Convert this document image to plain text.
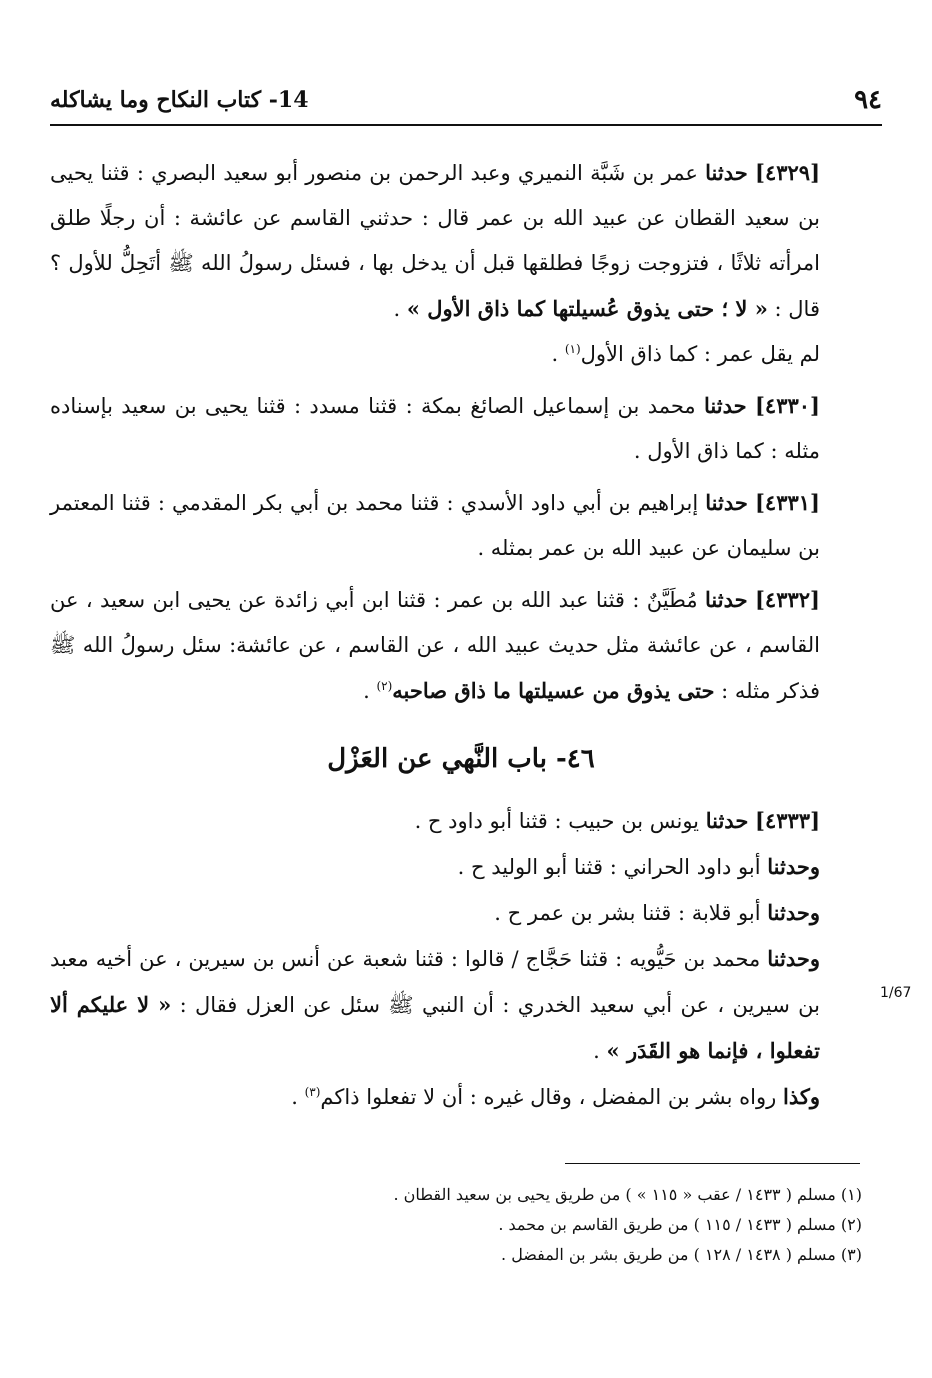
٩٤
14- كتاب النكاح وما يشاكله

[٤٣٢٩] حدثنا عمر بن شَبَّة النميري وعبد الرحمن بن منصور أبو سعيد البصري : قثنا يحيى بن سعيد القطان عن عبيد الله بن عمر قال : حدثني القاسم عن عائشة : أن رجلًا طلق امرأته ثلاثًا ، فتزوجت زوجًا فطلقها قبل أن يدخل بها ، فسئل رسولُ الله ﷺ أتَحِلُّ للأول ؟ قال : « لا ؛ حتى يذوق عُسيلتها كما ذاق الأول » .

لم يقل عمر : كما ذاق الأول$^{(١)}$ .

[٤٣٣٠] حدثنا محمد بن إسماعيل الصائغ بمكة : قثنا مسدد : قثنا يحيى بن سعيد بإسناده مثله : كما ذاق الأول .

[٤٣٣١] حدثنا إبراهيم بن أبي داود الأسدي : قثنا محمد بن أبي بكر المقدمي : قثنا المعتمر بن سليمان عن عبيد الله بن عمر بمثله .

[٤٣٣٢] حدثنا مُطَيَّنٌ : قثنا عبد الله بن عمر : قثنا ابن أبي زائدة عن يحيى ابن سعيد ، عن القاسم ، عن عائشة مثل حديث عبيد الله ، عن القاسم ، عن عائشة: سئل رسولُ الله ﷺ فذكر مثله : حتى يذوق من عسيلتها ما ذاق صاحبه$^{(٢)}$ .

٤٦- باب النَّهي عن العَزْل

[٤٣٣٣] حدثنا يونس بن حبيب : قثنا أبو داود ح .

وحدثنا أبو داود الحراني : قثنا أبو الوليد ح .

وحدثنا أبو قلابة : قثنا بشر بن عمر ح .

وحدثنا محمد بن حَيُّويه : قثنا حَجَّاج / قالوا : قثنا شعبة عن أنس بن سيرين ، عن أخيه معبد بن سيرين ، عن أبي سعيد الخدري : أن النبي ﷺ سئل عن العزل فقال : « لا عليكم ألا تفعلوا ، فإنما هو القَدَر » .

وكذا رواه بشر بن المفضل ، وقال غيره : أن لا تفعلوا ذاكم$^{(٣)}$ .

1/67

(١) مسلم ( ١٤٣٣ / عقب « ١١٥ » ) من طريق يحيى بن سعيد القطان .

(٢) مسلم ( ١٤٣٣ / ١١٥ ) من طريق القاسم بن محمد .

(٣) مسلم ( ١٤٣٨ / ١٢٨ ) من طريق بشر بن المفضل .
